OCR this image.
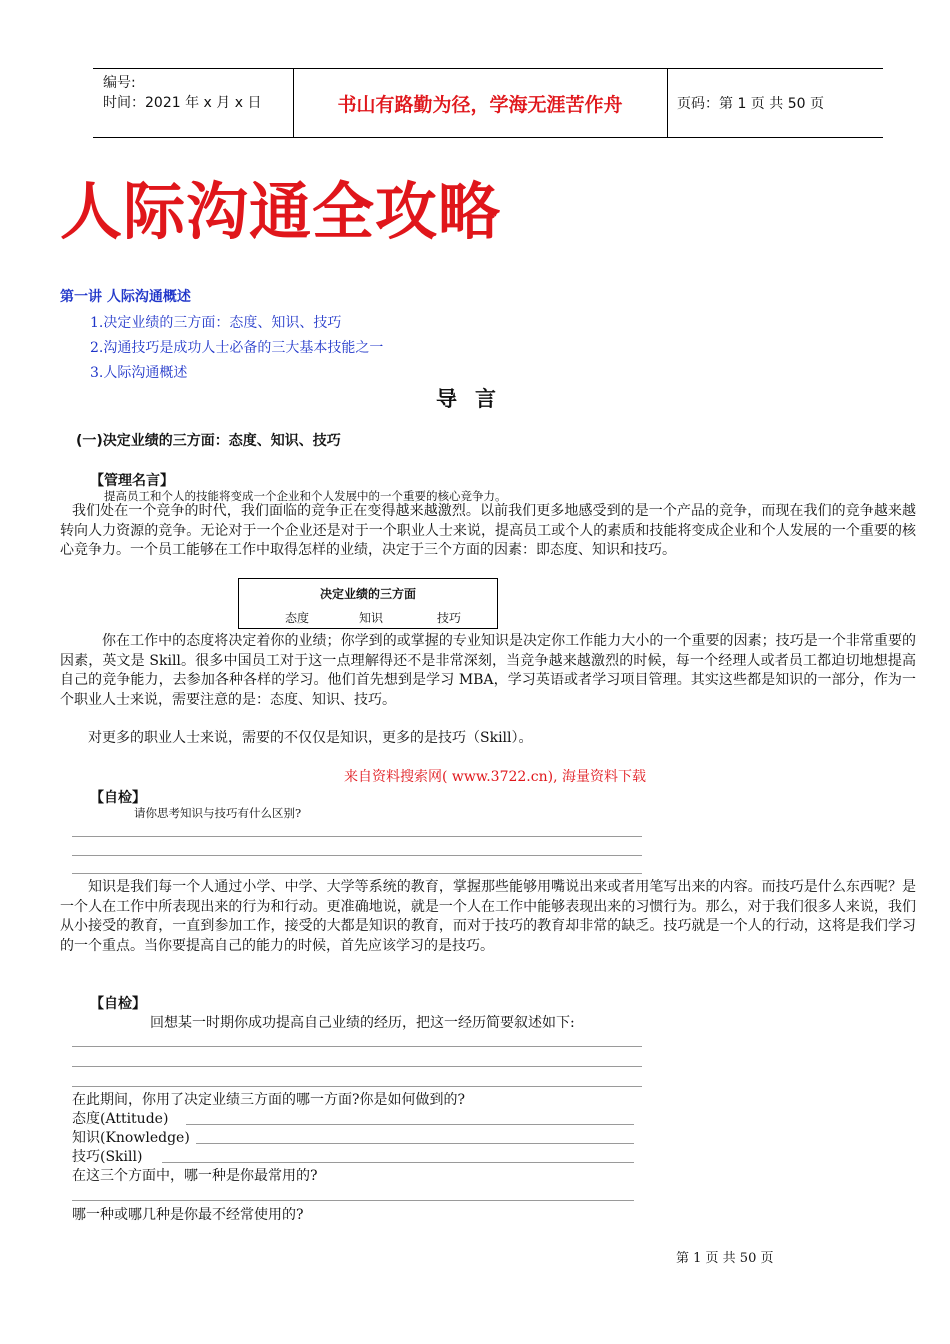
编号:
时间：2021 年 x 月 x 日	书山有路勤为径，学海无涯苦作舟	页码：第 1 页 共 50 页
人际沟通全攻略
第一讲 人际沟通概述
1.决定业绩的三方面：态度、知识、技巧
2.沟通技巧是成功人士必备的三大基本技能之一
3.人际沟通概述
导言
(一)决定业绩的三方面：态度、知识、技巧
【管理名言】
提高员工和个人的技能将变成一个企业和个人发展中的一个重要的核心竞争力。
我们处在一个竞争的时代，我们面临的竞争正在变得越来越激烈。以前我们更多地感受到的是一个产品的竞争，而现在我们的竞争越来越转向人力资源的竞争。无论对于一个企业还是对于一个职业人士来说，提高员工或个人的素质和技能将变成企业和个人发展的一个重要的核心竞争力。一个员工能够在工作中取得怎样的业绩，决定于三个方面的因素：即态度、知识和技巧。
决定业绩的三方面
态度	知识	技巧
你在工作中的态度将决定着你的业绩；你学到的或掌握的专业知识是决定你工作能力大小的一个重要的因素；技巧是一个非常重要的因素，英文是 Skill。很多中国员工对于这一点理解得还不是非常深刻，当竞争越来越激烈的时候，每一个经理人或者员工都迫切地想提高自己的竞争能力，去参加各种各样的学习。他们首先想到是学习 MBA，学习英语或者学习项目管理。其实这些都是知识的一部分，作为一个职业人士来说，需要注意的是：态度、知识、技巧。
对更多的职业人士来说，需要的不仅仅是知识，更多的是技巧（Skill）。
来自资料搜索网( www.3722.cn), 海量资料下载
【自检】
请你思考知识与技巧有什么区别?
知识是我们每一个人通过小学、中学、大学等系统的教育，掌握那些能够用嘴说出来或者用笔写出来的内容。而技巧是什么东西呢？是一个人在工作中所表现出来的行为和行动。更准确地说，就是一个人在工作中能够表现出来的习惯行为。那么，对于我们很多人来说，我们从小接受的教育，一直到参加工作，接受的大都是知识的教育，而对于技巧的教育却非常的缺乏。技巧就是一个人的行动，这将是我们学习的一个重点。当你要提高自己的能力的时候，首先应该学习的是技巧。
【自检】
回想某一时期你成功提高自己业绩的经历，把这一经历简要叙述如下:
在此期间，你用了决定业绩三方面的哪一方面?你是如何做到的?
态度(Attitude)
知识(Knowledge)
技巧(Skill)
在这三个方面中，哪一种是你最常用的?
哪一种或哪几种是你最不经常使用的?
第 1 页 共 50 页
